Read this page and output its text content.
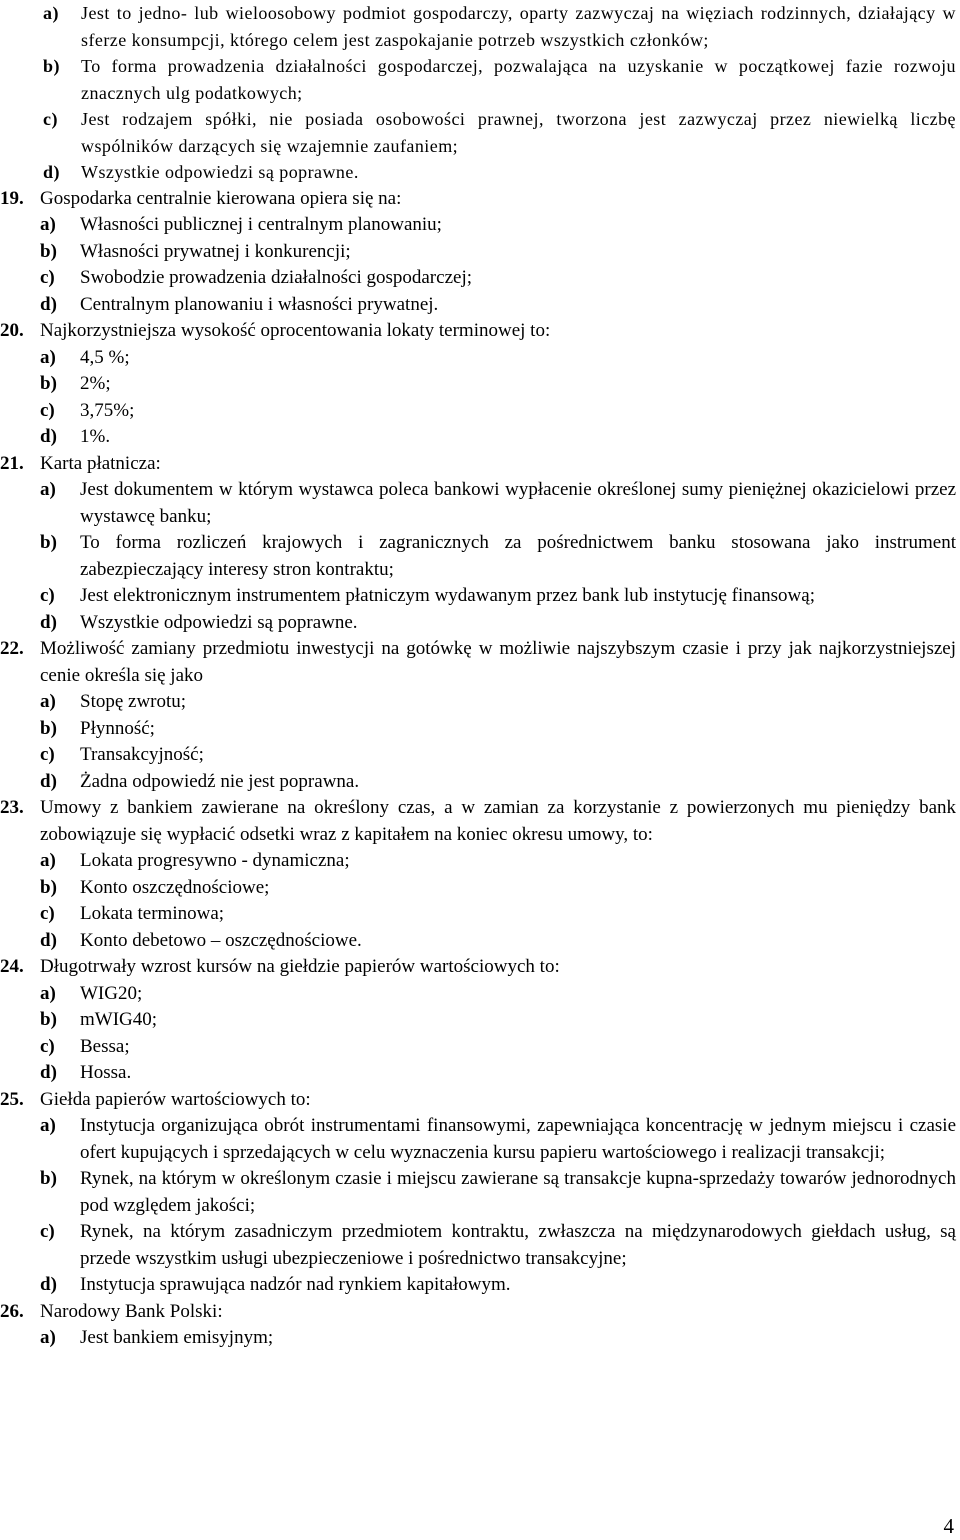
a) Jest to jedno- lub wieloosobowy podmiot gospodarczy, oparty zazwyczaj na więziach rodzinnych, działający w sferze konsumpcji, którego celem jest zaspokajanie potrzeb wszystkich członków;
b) To forma prowadzenia działalności gospodarczej, pozwalająca na uzyskanie w początkowej fazie rozwoju znacznych ulg podatkowych;
c) Jest rodzajem spółki, nie posiada osobowości prawnej, tworzona jest zazwyczaj przez niewielką liczbę wspólników darzących się wzajemnie zaufaniem;
d) Wszystkie odpowiedzi są poprawne.
19. Gospodarka centralnie kierowana opiera się na:
a) Własności publicznej i centralnym planowaniu;
b) Własności prywatnej i konkurencji;
c) Swobodzie prowadzenia działalności gospodarczej;
d) Centralnym planowaniu i własności prywatnej.
20. Najkorzystniejsza wysokość oprocentowania lokaty terminowej to:
a) 4,5 %;
b) 2%;
c) 3,75%;
d) 1%.
21. Karta płatnicza:
a) Jest dokumentem w którym wystawca poleca bankowi wypłacenie określonej sumy pieniężnej okazicielowi przez wystawcę banku;
b) To forma rozliczeń krajowych i zagranicznych za pośrednictwem banku stosowana jako instrument zabezpieczający interesy stron kontraktu;
c) Jest elektronicznym instrumentem płatniczym wydawanym przez bank lub instytucję finansową;
d) Wszystkie odpowiedzi są poprawne.
22. Możliwość zamiany przedmiotu inwestycji na gotówkę w możliwie najszybszym czasie i przy jak najkorzystniejszej cenie określa się jako
a) Stopę zwrotu;
b) Płynność;
c) Transakcyjność;
d) Żadna odpowiedź nie jest poprawna.
23. Umowy z bankiem zawierane na określony czas, a w zamian za korzystanie z powierzonych mu pieniędzy bank zobowiązuje się wypłacić odsetki wraz z kapitałem na koniec okresu umowy, to:
a) Lokata progresywno - dynamiczna;
b) Konto oszczędnościowe;
c) Lokata terminowa;
d) Konto debetowo – oszczędnościowe.
24. Długotrwały wzrost kursów na giełdzie papierów wartościowych to:
a) WIG20;
b) mWIG40;
c) Bessa;
d) Hossa.
25. Giełda papierów wartościowych to:
a) Instytucja organizująca obrót instrumentami finansowymi, zapewniająca koncentrację w jednym miejscu i czasie ofert kupujących i sprzedających w celu wyznaczenia kursu papieru wartościowego i realizacji transakcji;
b) Rynek, na którym w określonym czasie i miejscu zawierane są transakcje kupna-sprzedaży towarów jednorodnych pod względem jakości;
c) Rynek, na którym zasadniczym przedmiotem kontraktu, zwłaszcza na międzynarodowych giełdach usług, są przede wszystkim usługi ubezpieczeniowe i pośrednictwo transakcyjne;
d) Instytucja sprawująca nadzór nad rynkiem kapitałowym.
26. Narodowy Bank Polski:
a) Jest bankiem emisyjnym;
4
